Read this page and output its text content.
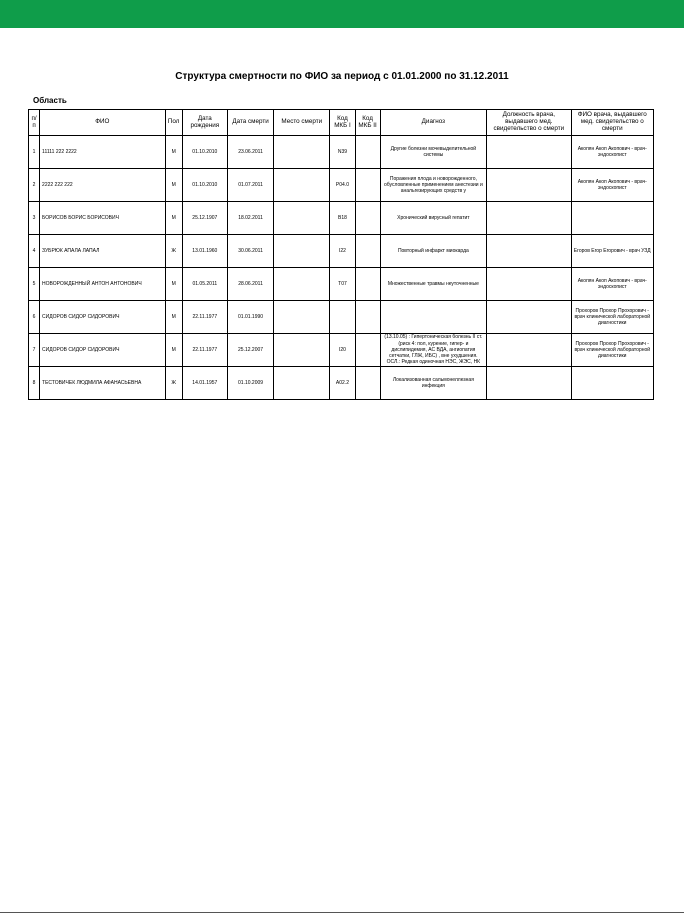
Структура смертности по ФИО за период с 01.01.2000 по 31.12.2011
Область
п/п	ФИО	Пол	Дата рождения	Дата смерти	Место смерти	Код МКБ I	Код МКБ II	Диагноз	Должность врача, выдавшего мед. свидетельство о смерти	ФИО врача, выдавшего мед. свидетельство о смерти
1	11111 222 2222	М	01.10.2010	23.06.2011		N39		Другие болезни мочевыделительной системы		Акопян Акоп Акопович - врач-эндоскопист
2	2222 222 222	М	01.10.2010	01.07.2011		P04.0		Поражения плода и новорожденного, обусловленные применением анестезии и анальгезирующих средств у		Акопян Акоп Акопович - врач-эндоскопист
3	БОРИСОВ БОРИС БОРИСОВИЧ	М	25.12.1907	18.02.2011		B18		Хронический вирусный гепатит		
4	ЗУБРЮК АПАЛА ЛАПАЛ	Ж	13.01.1960	30.06.2011		I22		Повторный инфаркт миокарда		Егоров Егор Егорович - врач УЗД
5	НОВОРОЖДЕННЫЙ АНТОН АНТОНОВИЧ	М	01.05.2011	28.06.2011		T07		Множественные травмы неуточненные		Акопян Акоп Акопович - врач-эндоскопист
6	СИДОРОВ СИДОР СИДОРОВИЧ	М	22.11.1977	01.01.1990						Прохоров Прохор Прохорович - врач клинической лабораторной диагностики
7	СИДОРОВ СИДОР СИДОРОВИЧ	М	22.11.1977	25.12.2007		I20		(13.10.05) : Гипертоническая болезнь II ст. (риск 4: пол, курение, гипер- и дислипидемия, АС ВДА, ангиопатия сетчатки, ГЛЖ, ИБС) , вне ухудшения. ОСЛ.: Редкая одиночная НЭС, ЖЭС, НК		Прохоров Прохор Прохорович - врач клинической лабораторной диагностики
8	ТЕСТОВИЧЕК ЛЮДМИЛА АФАНАСЬЕВНА	Ж	14.01.1957	01.10.2009		A02.2		Локализованная сальмонеллезная инфекция		
